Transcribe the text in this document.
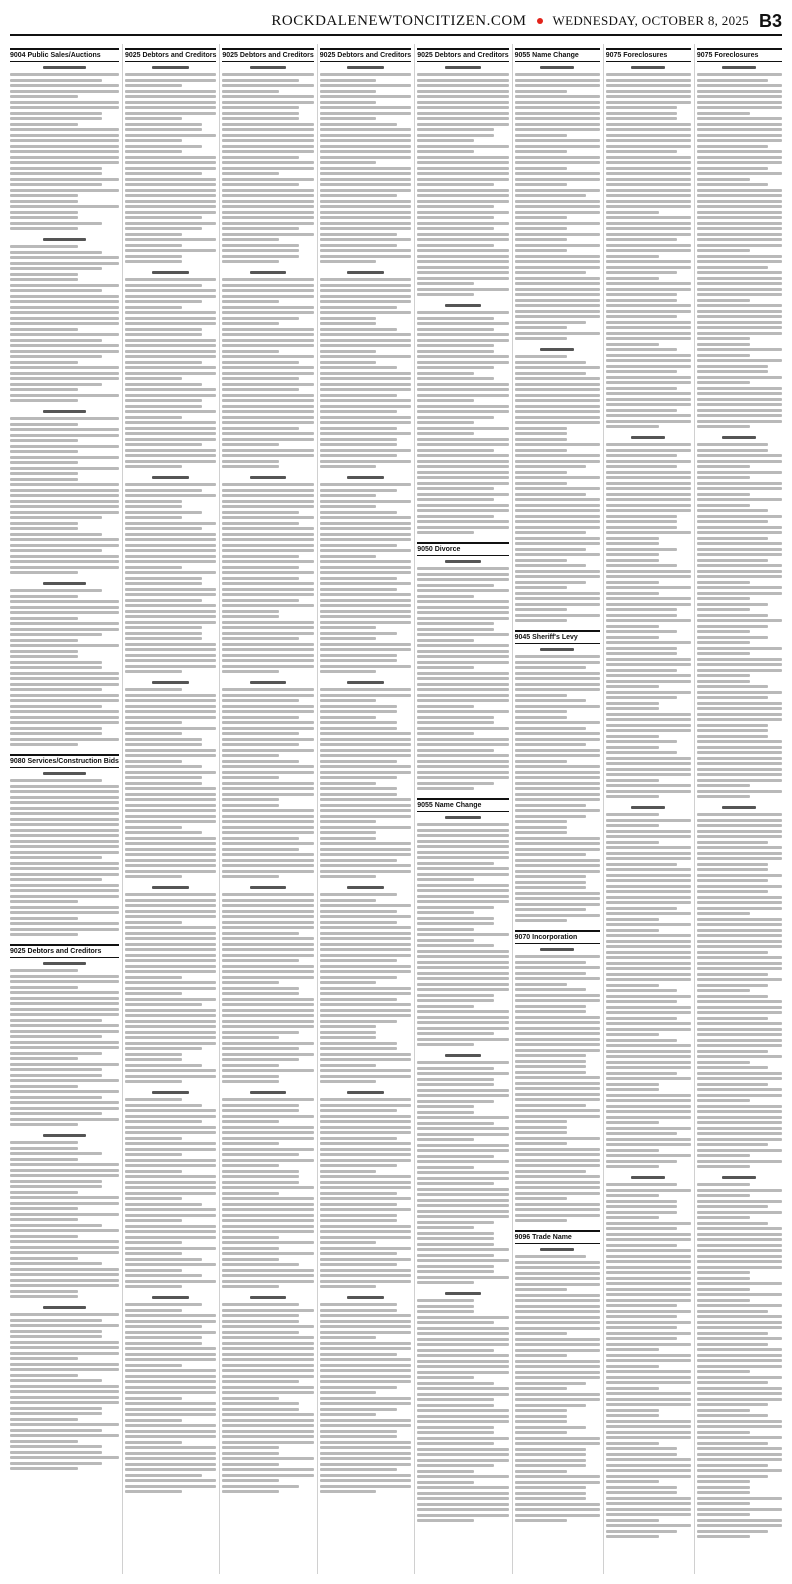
ROCKDALENEWTONCITIZEN.COM WEDNESDAY, OCTOBER 8, 2025 B3
9004 Public Sales/Auctions
9080 Services/Construction Bids
9025 Debtors and Creditors
9025 Debtors and Creditors 9025 Debtors and Creditors 9025 Debtors and Creditors 9025 Debtors and Creditors
9050 Divorce
9055 Name Change
9055 Name Change
9045 Sheriff's Levy
9070 Incorporation
9096 Trade Name
9075 Foreclosures	9075 Foreclosures
